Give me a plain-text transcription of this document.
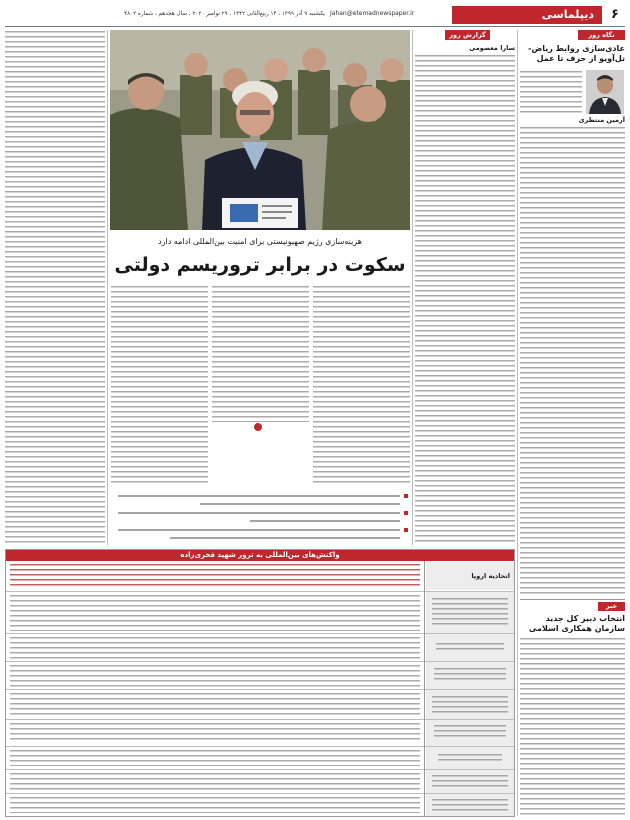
۶
دیپلماسی
Jahan@etemadnewspaper.ir
یکشنبه ۹ آذر ۱۳۹۹ ، ۱۴ ربیع‌الثانی ۱۴۴۲ ، ۲۹ نوامبر ۲۰۲۰ ، سال هجدهم ، شماره ۴۸۰۲
نگاه روز
عادی‌سازی روابط ریاض- تل‌آویو از حرف تا عمل
آرمین منتظری
خبر
انتخاب دبیر کل جدید سازمان همکاری اسلامی
گزارش روز
سارا معصومی
هزینه‌سازی رژیم صهیونیستی برای امنیت بین‌المللی ادامه دارد
سکوت در برابر تروریسم دولتی
واکنش‌های بین‌المللی به ترور شهید فخری‌زاده
اتحادیه اروپا
